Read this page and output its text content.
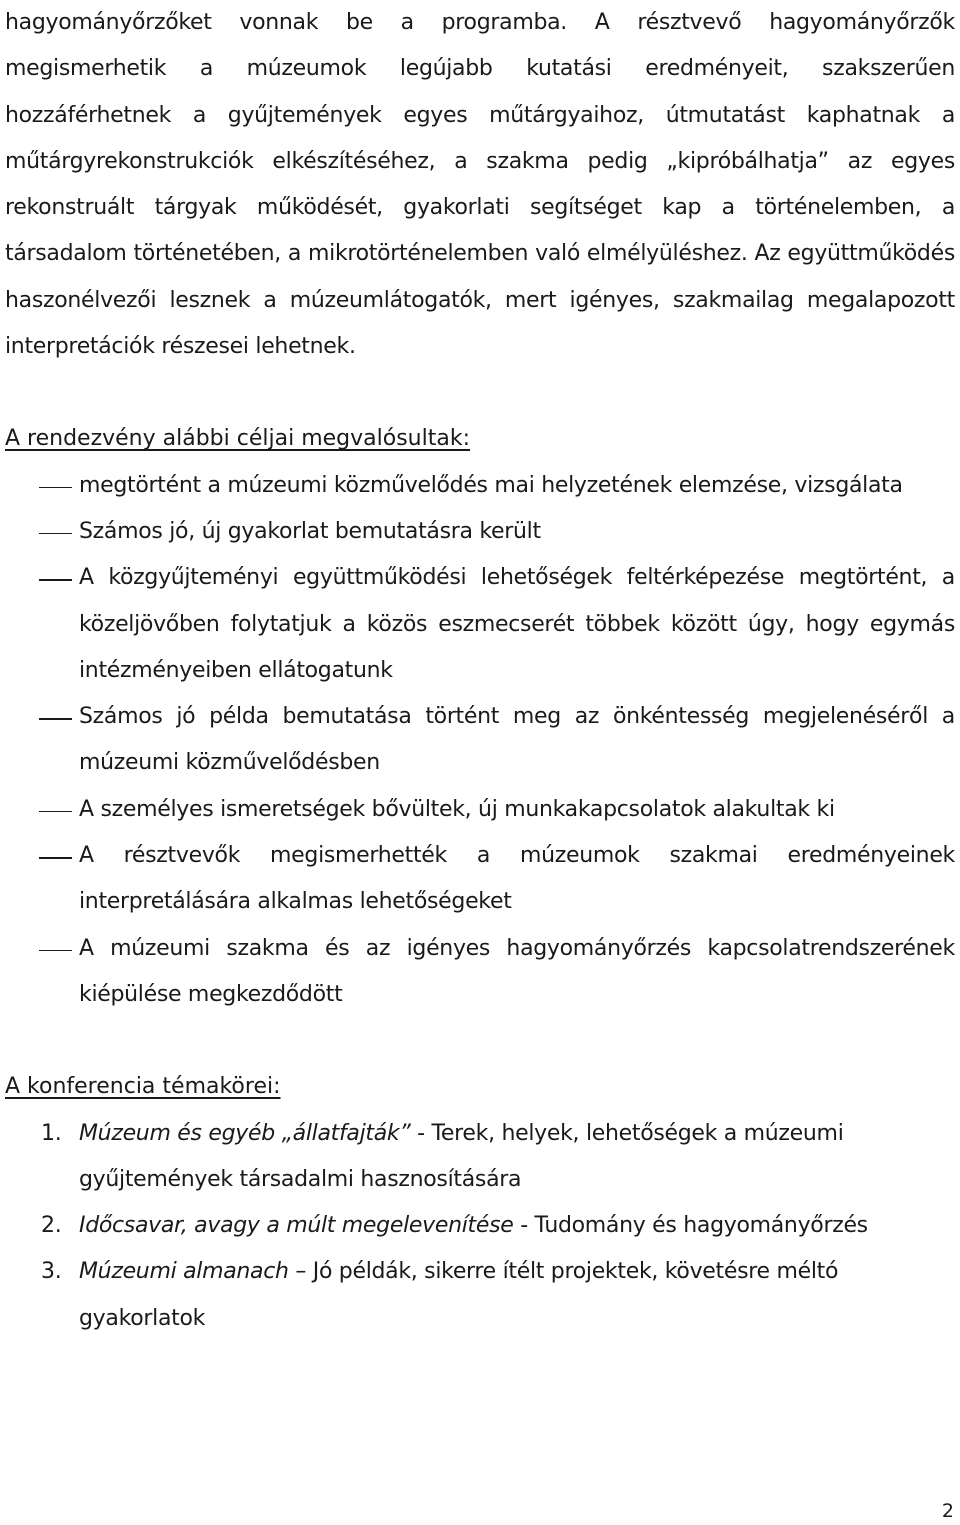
hagyományőrzőket vonnak be a programba. A résztvevő hagyományőrzők megismerhetik a múzeumok legújabb kutatási eredményeit, szakszerűen hozzáférhetnek a gyűjtemények egyes műtárgyaihoz, útmutatást kaphatnak a műtárgyrekonstrukciók elkészítéséhez, a szakma pedig „kipróbálhatja” az egyes rekonstruált tárgyak működését, gyakorlati segítséget kap a történelemben, a társadalom történetében, a mikrotörténelemben való elmélyüléshez. Az együttműködés haszonélvezői lesznek a múzeumlátogatók, mert igényes, szakmailag megalapozott interpretációk részesei lehetnek.

A rendezvény alábbi céljai megvalósultak:

megtörtént a múzeumi közművelődés mai helyzetének elemzése, vizsgálata
Számos jó, új gyakorlat bemutatásra került
A közgyűjteményi együttműködési lehetőségek feltérképezése megtörtént, a közeljövőben folytatjuk a közös eszmecserét többek között úgy, hogy egymás intézményeiben ellátogatunk
Számos jó példa bemutatása történt meg az önkéntesség megjelenéséről a múzeumi közművelődésben
A személyes ismeretségek bővültek, új munkakapcsolatok alakultak ki
A résztvevők megismerhették a múzeumok szakmai eredményeinek interpretálására alkalmas lehetőségeket
A múzeumi szakma és az igényes hagyományőrzés kapcsolatrendszerének kiépülése megkezdődött

A konferencia témakörei:

1. Múzeum és egyéb „állatfajták” - Terek, helyek, lehetőségek a múzeumi gyűjtemények társadalmi hasznosítására
2. Időcsavar, avagy a múlt megelevenítése - Tudomány és hagyományőrzés
3. Múzeumi almanach – Jó példák, sikerre ítélt projektek, követésre méltó gyakorlatok
2
